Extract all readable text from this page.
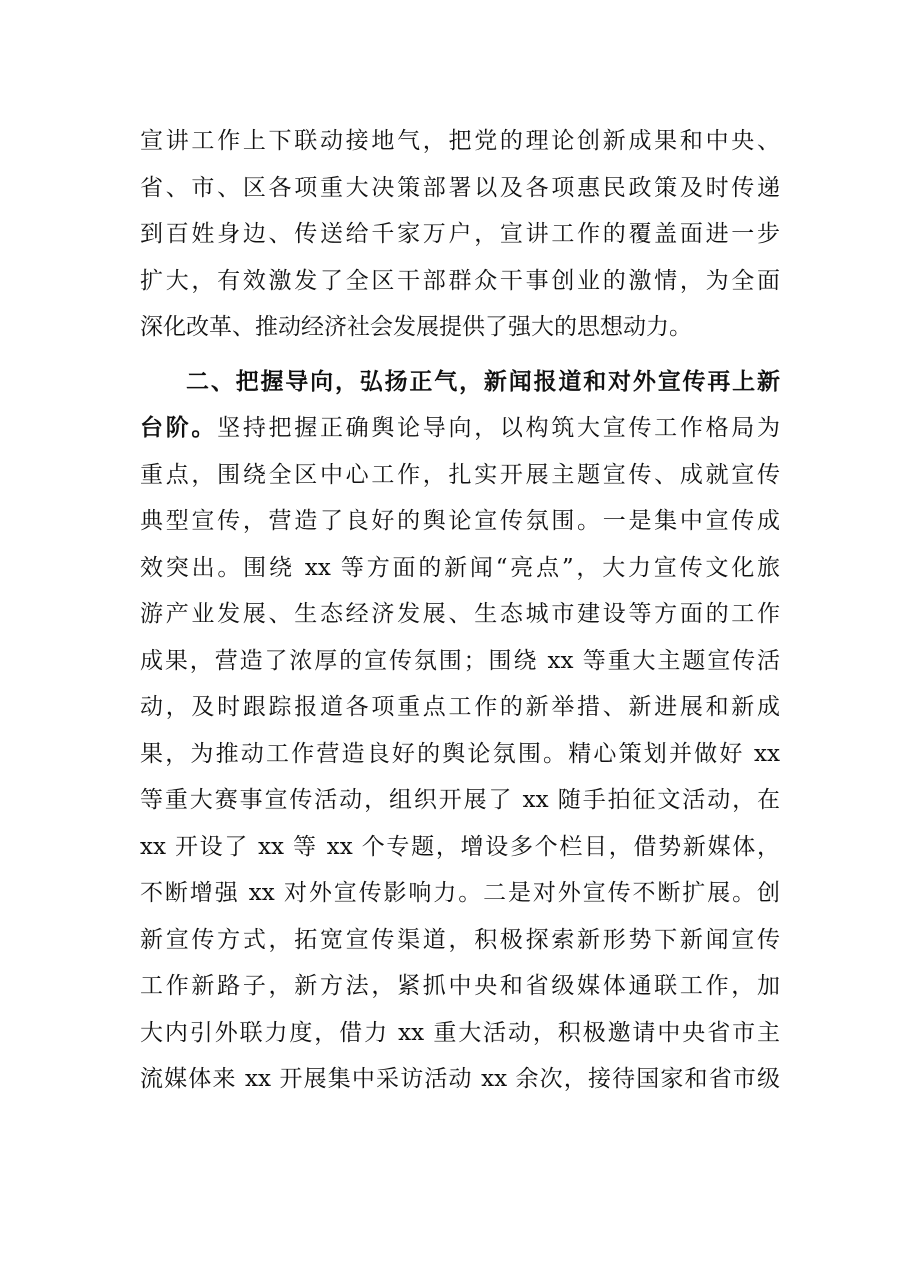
宣讲工作上下联动接地气，把党的理论创新成果和中央、
省、市、区各项重大决策部署以及各项惠民政策及时传递
到百姓身边、传送给千家万户，宣讲工作的覆盖面进一步
扩大，有效激发了全区干部群众干事创业的激情，为全面
深化改革、推动经济社会发展提供了强大的思想动力。
二、把握导向，弘扬正气，新闻报道和对外宣传再上新
台阶。坚持把握正确舆论导向，以构筑大宣传工作格局为
重点，围绕全区中心工作，扎实开展主题宣传、成就宣传
典型宣传，营造了良好的舆论宣传氛围。一是集中宣传成
效突出。围绕 xx 等方面的新闻“亮点”，大力宣传文化旅
游产业发展、生态经济发展、生态城市建设等方面的工作
成果，营造了浓厚的宣传氛围；围绕 xx 等重大主题宣传活
动，及时跟踪报道各项重点工作的新举措、新进展和新成
果，为推动工作营造良好的舆论氛围。精心策划并做好 xx
等重大赛事宣传活动，组织开展了 xx 随手拍征文活动，在
xx 开设了 xx 等 xx 个专题，增设多个栏目，借势新媒体，
不断增强 xx 对外宣传影响力。二是对外宣传不断扩展。创
新宣传方式，拓宽宣传渠道，积极探索新形势下新闻宣传
工作新路子，新方法，紧抓中央和省级媒体通联工作，加
大内引外联力度，借力 xx 重大活动，积极邀请中央省市主
流媒体来 xx 开展集中采访活动 xx 余次，接待国家和省市级
